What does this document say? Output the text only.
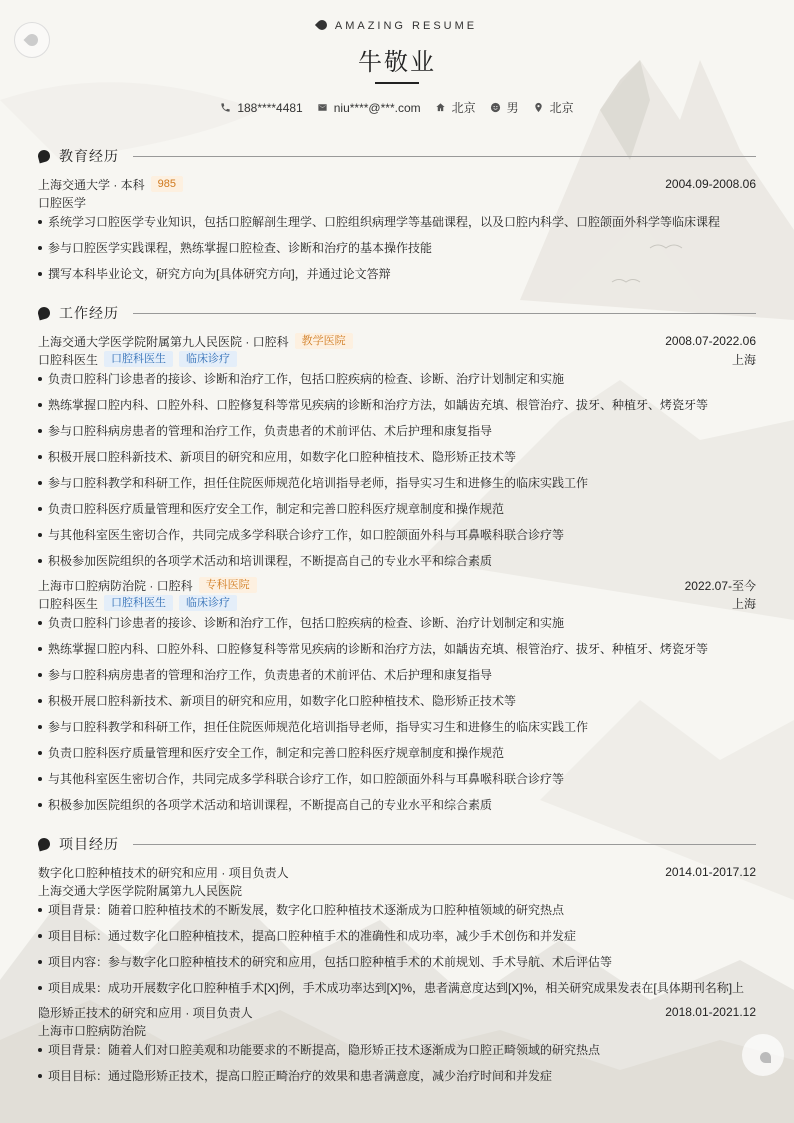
AMAZING RESUME
牛敬业
188****4481	niu****@***.com	北京	男	北京
教育经历
上海交通大学 · 本科	985	2004.09-2008.06
口腔医学
系统学习口腔医学专业知识，包括口腔解剖生理学、口腔组织病理学等基础课程，以及口腔内科学、口腔颌面外科学等临床课程
参与口腔医学实践课程，熟练掌握口腔检查、诊断和治疗的基本操作技能
撰写本科毕业论文，研究方向为[具体研究方向]，并通过论文答辩
工作经历
上海交通大学医学院附属第九人民医院 · 口腔科	教学医院	2008.07-2022.06
口腔科医生	口腔科医生	临床诊疗	上海
负责口腔科门诊患者的接诊、诊断和治疗工作，包括口腔疾病的检查、诊断、治疗计划制定和实施
熟练掌握口腔内科、口腔外科、口腔修复科等常见疾病的诊断和治疗方法，如龋齿充填、根管治疗、拔牙、种植牙、烤瓷牙等
参与口腔科病房患者的管理和治疗工作，负责患者的术前评估、术后护理和康复指导
积极开展口腔科新技术、新项目的研究和应用，如数字化口腔种植技术、隐形矫正技术等
参与口腔科教学和科研工作，担任住院医师规范化培训指导老师，指导实习生和进修生的临床实践工作
负责口腔科医疗质量管理和医疗安全工作，制定和完善口腔科医疗规章制度和操作规范
与其他科室医生密切合作，共同完成多学科联合诊疗工作，如口腔颌面外科与耳鼻喉科联合诊疗等
积极参加医院组织的各项学术活动和培训课程，不断提高自己的专业水平和综合素质
上海市口腔病防治院 · 口腔科	专科医院	2022.07-至今
口腔科医生	口腔科医生	临床诊疗	上海
负责口腔科门诊患者的接诊、诊断和治疗工作，包括口腔疾病的检查、诊断、治疗计划制定和实施
熟练掌握口腔内科、口腔外科、口腔修复科等常见疾病的诊断和治疗方法，如龋齿充填、根管治疗、拔牙、种植牙、烤瓷牙等
参与口腔科病房患者的管理和治疗工作，负责患者的术前评估、术后护理和康复指导
积极开展口腔科新技术、新项目的研究和应用，如数字化口腔种植技术、隐形矫正技术等
参与口腔科教学和科研工作，担任住院医师规范化培训指导老师，指导实习生和进修生的临床实践工作
负责口腔科医疗质量管理和医疗安全工作，制定和完善口腔科医疗规章制度和操作规范
与其他科室医生密切合作，共同完成多学科联合诊疗工作，如口腔颌面外科与耳鼻喉科联合诊疗等
积极参加医院组织的各项学术活动和培训课程，不断提高自己的专业水平和综合素质
项目经历
数字化口腔种植技术的研究和应用 · 项目负责人	2014.01-2017.12
上海交通大学医学院附属第九人民医院
项目背景：随着口腔种植技术的不断发展，数字化口腔种植技术逐渐成为口腔种植领域的研究热点
项目目标：通过数字化口腔种植技术，提高口腔种植手术的准确性和成功率，减少手术创伤和并发症
项目内容：参与数字化口腔种植技术的研究和应用，包括口腔种植手术的术前规划、手术导航、术后评估等
项目成果：成功开展数字化口腔种植手术[X]例，手术成功率达到[X]%，患者满意度达到[X]%，相关研究成果发表在[具体期刊名称]上
隐形矫正技术的研究和应用 · 项目负责人	2018.01-2021.12
上海市口腔病防治院
项目背景：随着人们对口腔美观和功能要求的不断提高，隐形矫正技术逐渐成为口腔正畸领域的研究热点
项目目标：通过隐形矫正技术，提高口腔正畸治疗的效果和患者满意度，减少治疗时间和并发症
